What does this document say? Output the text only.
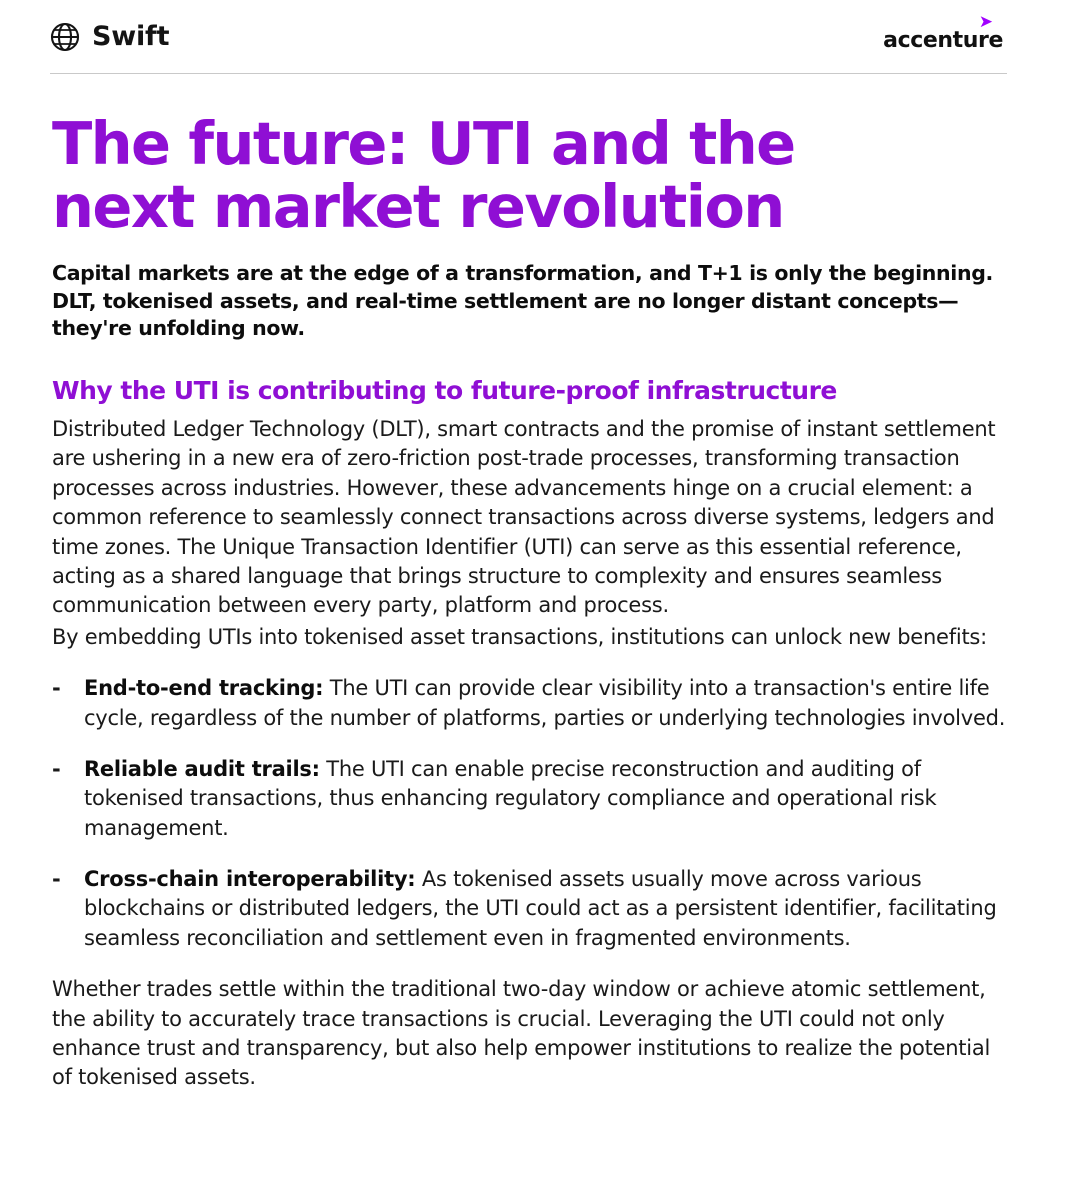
Swift	➤
accenture
The future: UTI and the
next market revolution

Capital markets are at the edge of a transformation, and T+1 is only the beginning. DLT, tokenised assets, and real-time settlement are no longer distant concepts—they're unfolding now.

Why the UTI is contributing to future-proof infrastructure

Distributed Ledger Technology (DLT), smart contracts and the promise of instant settlement are ushering in a new era of zero-friction post-trade processes, transforming transaction processes across industries. However, these advancements hinge on a crucial element: a common reference to seamlessly connect transactions across diverse systems, ledgers and time zones. The Unique Transaction Identifier (UTI) can serve as this essential reference, acting as a shared language that brings structure to complexity and ensures seamless communication between every party, platform and process.

By embedding UTIs into tokenised asset transactions, institutions can unlock new benefits:

-	End-to-end tracking: The UTI can provide clear visibility into a transaction's entire life cycle, regardless of the number of platforms, parties or underlying technologies involved.
-	Reliable audit trails: The UTI can enable precise reconstruction and auditing of tokenised transactions, thus enhancing regulatory compliance and operational risk management.
-	Cross-chain interoperability: As tokenised assets usually move across various blockchains or distributed ledgers, the UTI could act as a persistent identifier, facilitating seamless reconciliation and settlement even in fragmented environments.

Whether trades settle within the traditional two-day window or achieve atomic settlement, the ability to accurately trace transactions is crucial. Leveraging the UTI could not only enhance trust and transparency, but also help empower institutions to realize the potential of tokenised assets.
